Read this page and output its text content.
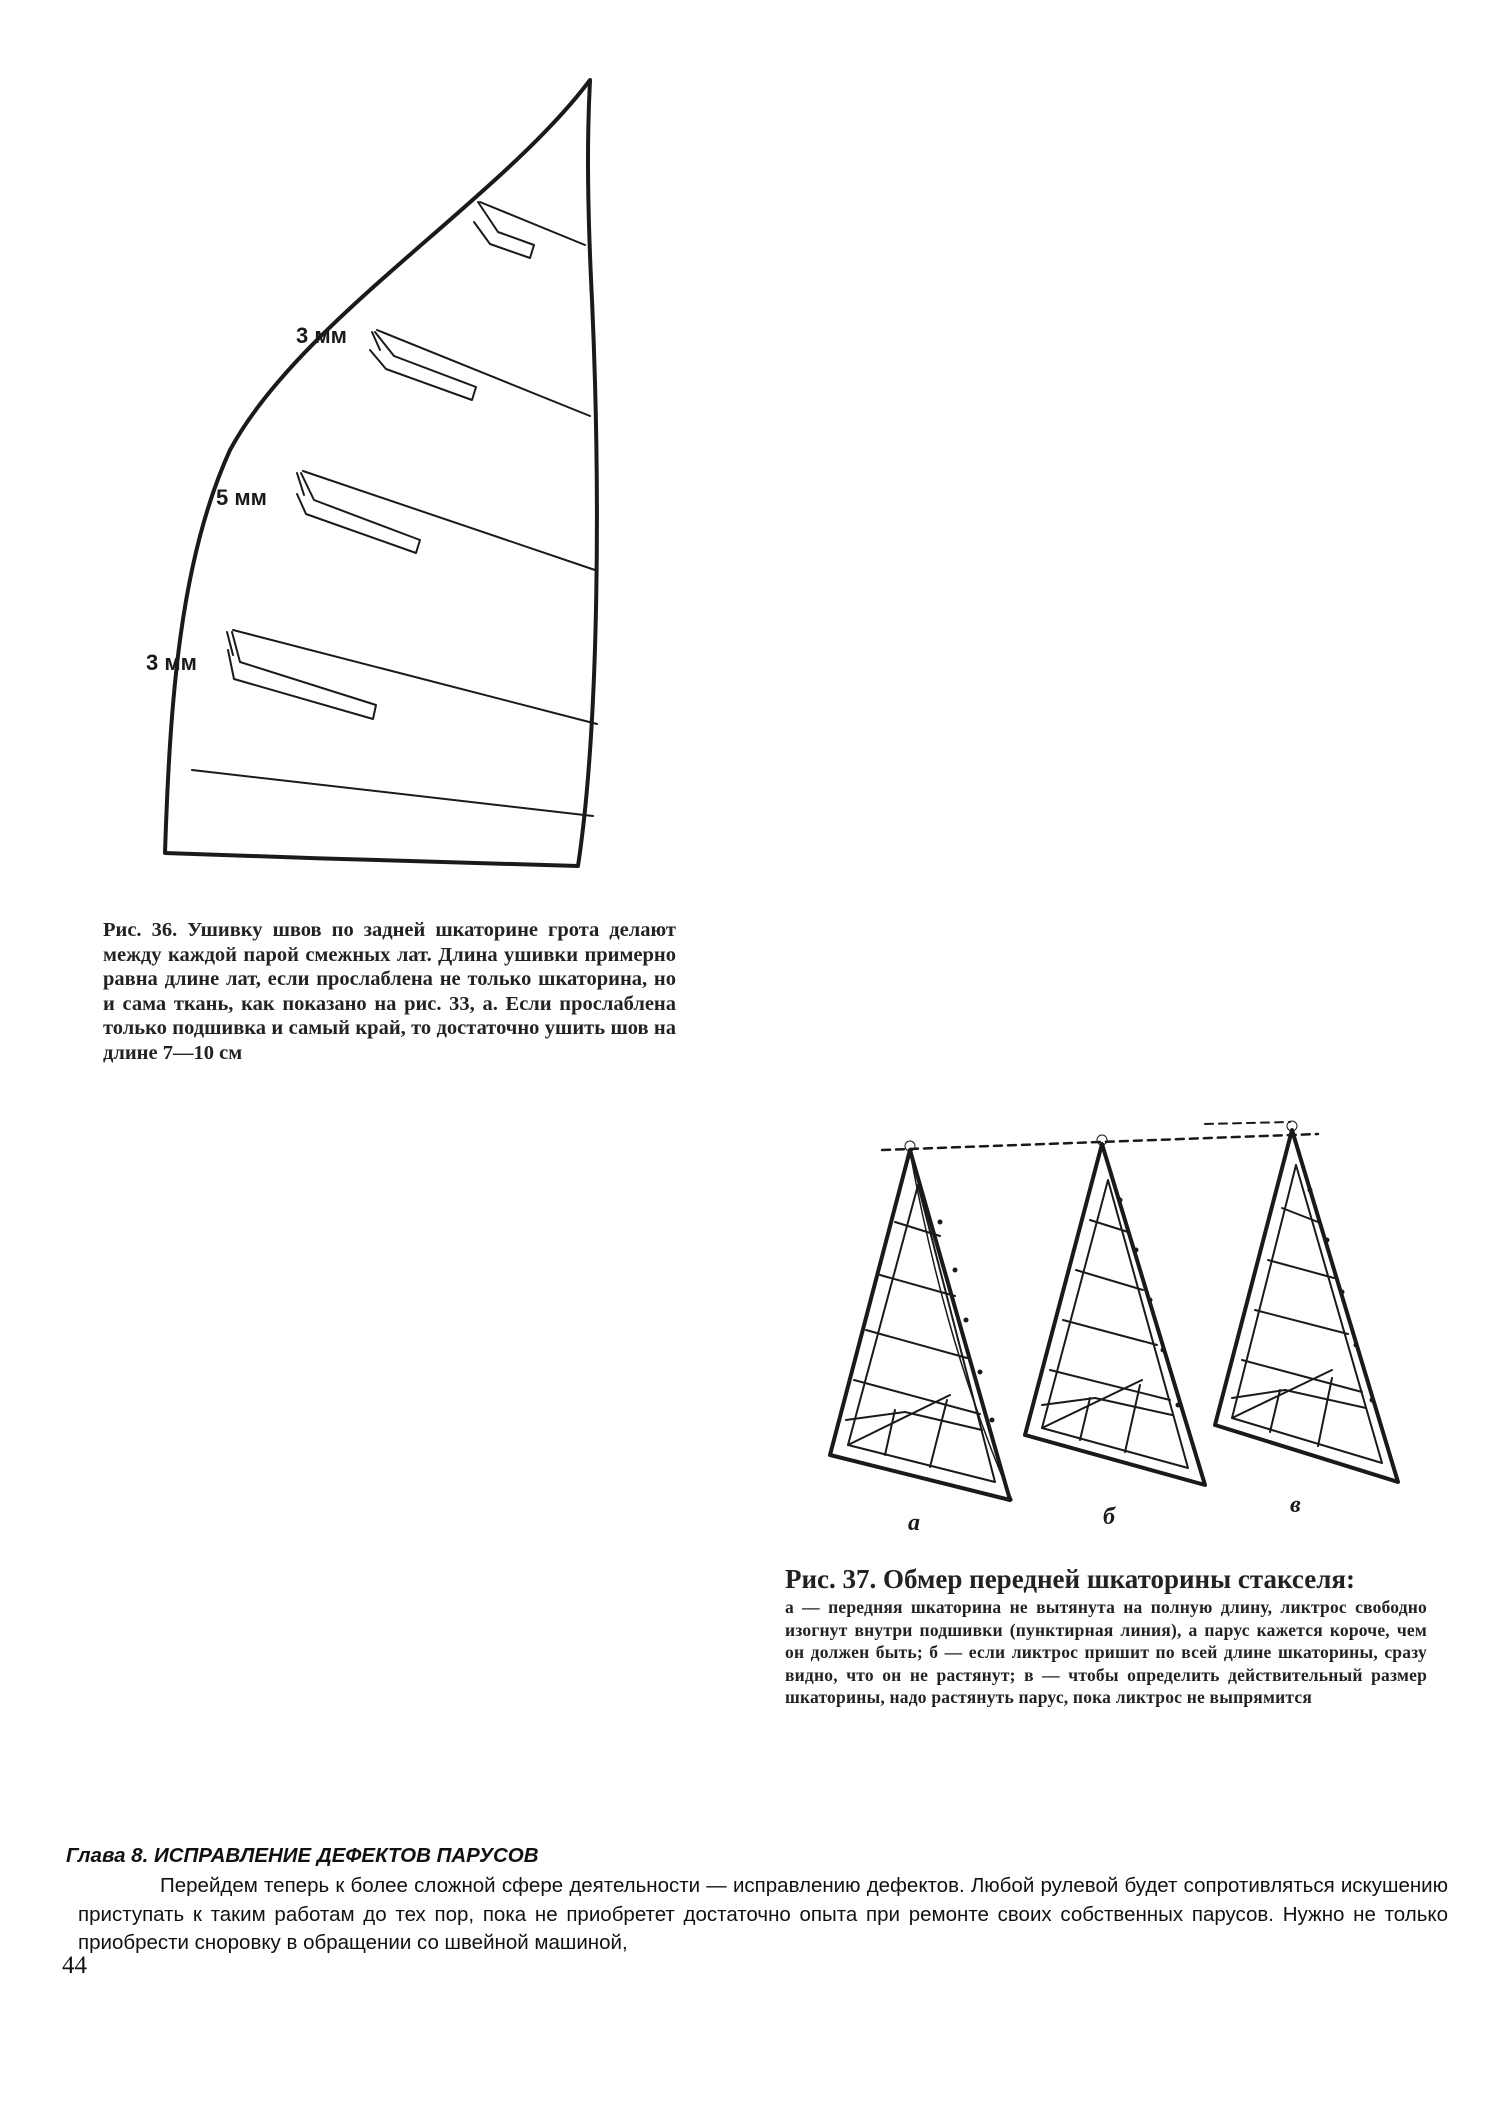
3 мм
5 мм
3 мм
Рис. 36. Ушивку швов по задней шкаторине грота делают между каждой парой смежных лат. Длина ушивки примерно равна длине лат, если прослаблена не только шкаторина, но и сама ткань, как показано на рис. 33, а. Если прослаблена только подшивка и самый край, то достаточно ушить шов на длине 7—10 см
а	б	в
Рис. 37. Обмер передней шкаторины стакселя:
а — передняя шкаторина не вытянута на полную длину, ликтрос свободно изогнут внутри подшивки (пунктирная линия), а парус кажется короче, чем он должен быть; б — если ликтрос пришит по всей длине шкаторины, сразу видно, что он не растянут; в — чтобы определить действительный размер шкаторины, надо растянуть парус, пока ликтрос не выпрямится
Глава 8. ИСПРАВЛЕНИЕ ДЕФЕКТОВ ПАРУСОВ
Перейдем теперь к более сложной сфере деятельности — исправлению дефектов. Любой рулевой будет сопротивляться искушению приступать к таким работам до тех пор, пока не приобретет достаточно опыта при ремонте своих собственных парусов. Нужно не только приобрести сноровку в обращении со швейной машиной,
44
